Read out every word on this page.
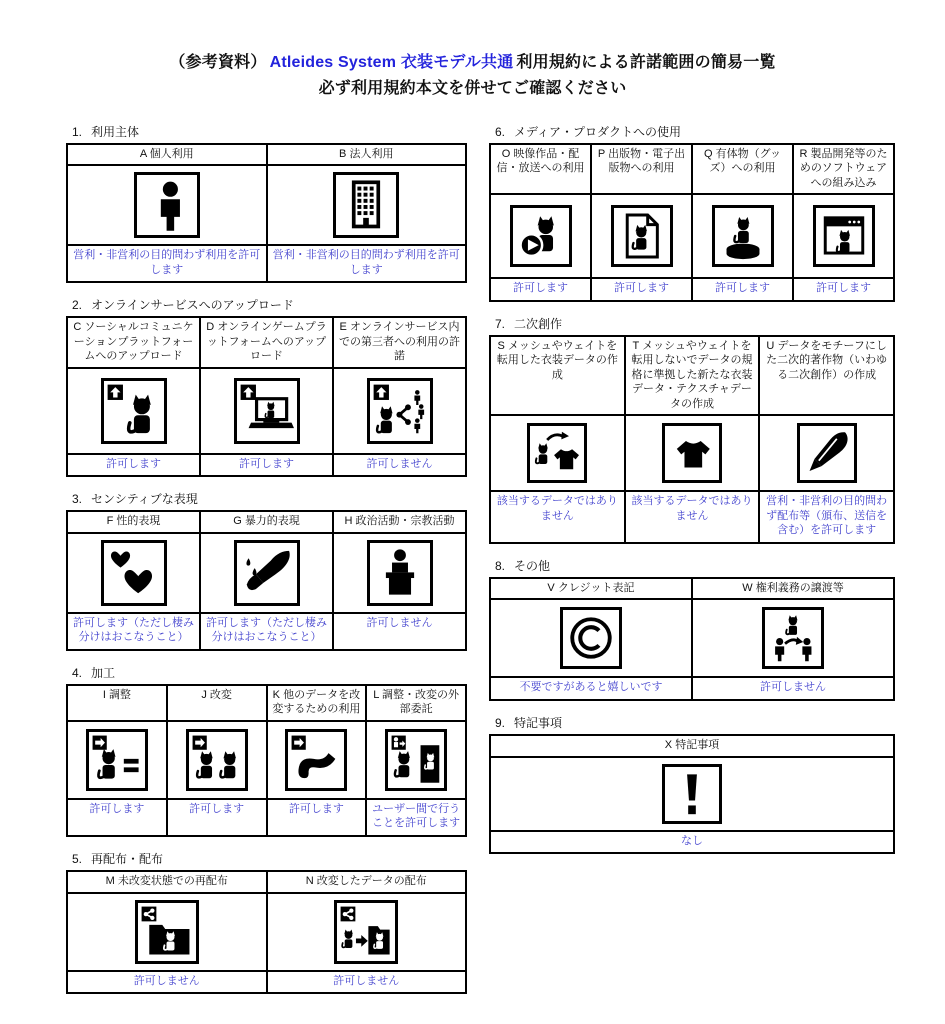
（参考資料） Atleides System 衣装モデル共通 利用規約による許諾範囲の簡易一覧
必ず利用規約本文を併せてご確認ください
1. 利用主体
A 個人利用	B 法人利用

営利・非営利の目的問わず利用を許可します	営利・非営利の目的問わず利用を許可します
2. オンラインサービスへのアップロード
C ソーシャルコミュニケーションプラットフォームへのアップロード	D オンラインゲームプラットフォームへのアップロード	E オンラインサービス内での第三者への利用の許諾

許可します	許可します	許可しません
3. センシティブな表現
F 性的表現	G 暴力的表現	H 政治活動・宗教活動

許可します（ただし棲み分けはおこなうこと）	許可します（ただし棲み分けはおこなうこと）	許可しません
4. 加工
I 調整	J 改変	K 他のデータを改変するための利用	L 調整・改変の外部委託

許可します	許可します	許可します	ユーザー間で行うことを許可します
5. 再配布・配布
M 未改変状態での再配布	N 改変したデータの配布

許可しません	許可しません
6. メディア・プロダクトへの使用
O 映像作品・配信・放送への利用	P 出版物・電子出版物への利用	Q 有体物（グッズ）への利用	R 製品開発等のためのソフトウェアへの組み込み

許可します	許可します	許可します	許可します
7. 二次創作
S メッシュやウェイトを転用した衣装データの作成	T メッシュやウェイトを転用しないでデータの規格に準拠した新たな衣装データ・テクスチャデータの作成	U データをモチーフにした二次的著作物（いわゆる二次創作）の作成

該当するデータではありません	該当するデータではありません	営利・非営利の目的問わず配布等（頒布、送信を含む）を許可します
8. その他
V クレジット表記	W 権利義務の譲渡等

不要ですがあると嬉しいです	許可しません
9. 特記事項
X 特記事項

なし
